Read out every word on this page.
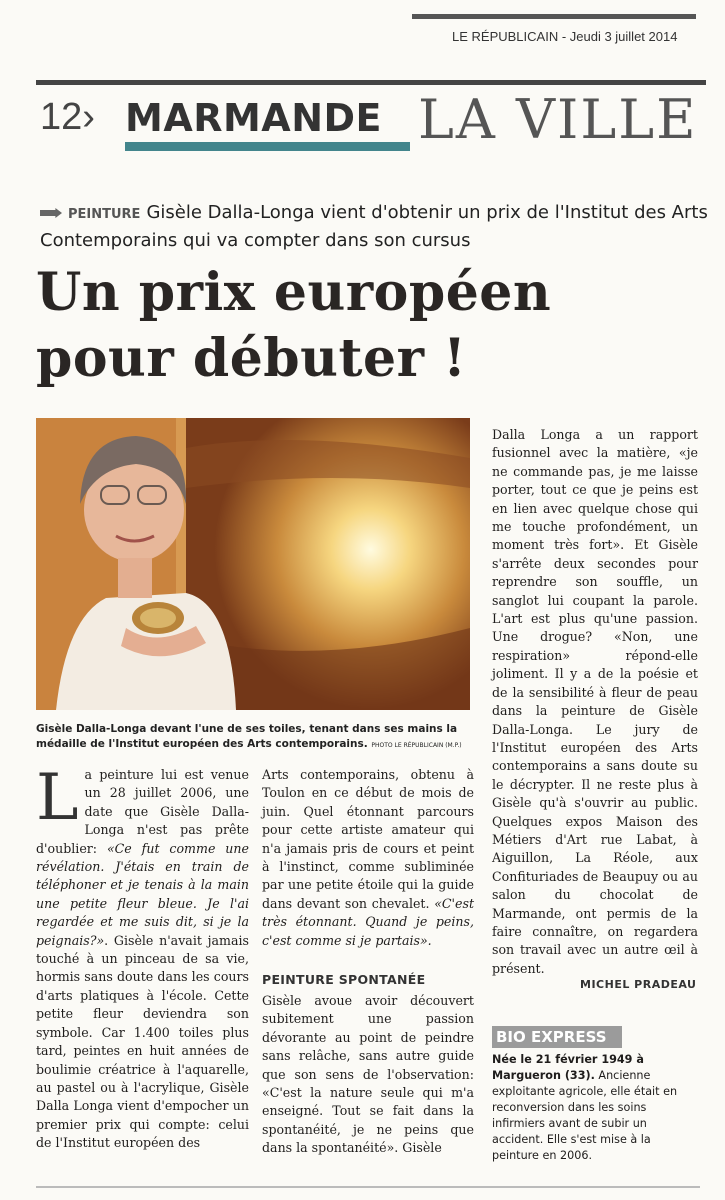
LE RÉPUBLICAIN - Jeudi 3 juillet 2014
12› MARMANDE LA VILLE
PEINTURE Gisèle Dalla-Longa vient d'obtenir un prix de l'Institut des Arts Contemporains qui va compter dans son cursus
Un prix européen
pour débuter !
Gisèle Dalla-Longa devant l'une de ses toiles, tenant dans ses mains la médaille de l'Institut européen des Arts contemporains. PHOTO LE RÉPUBLICAIN (M.P.)
La peinture lui est venue un 28 juillet 2006, une date que Gisèle Dalla-Longa n'est pas prête d'oublier: «Ce fut comme une révélation. J'étais en train de téléphoner et je tenais à la main une petite fleur bleue. Je l'ai regardée et me suis dit, si je la peignais?». Gisèle n'avait jamais touché à un pinceau de sa vie, hormis sans doute dans les cours d'arts platiques à l'école. Cette petite fleur deviendra son symbole. Car 1.400 toiles plus tard, peintes en huit années de boulimie créatrice à l'aquarelle, au pastel ou à l'acrylique, Gisèle Dalla Longa vient d'empocher un premier prix qui compte: celui de l'Institut européen des
Arts contemporains, obtenu à Toulon en ce début de mois de juin. Quel étonnant parcours pour cette artiste amateur qui n'a jamais pris de cours et peint à l'instinct, comme subliminée par une petite étoile qui la guide dans devant son chevalet. «C'est très étonnant. Quand je peins, c'est comme si je partais».
PEINTURE SPONTANÉE
Gisèle avoue avoir découvert subitement une passion dévorante au point de peindre sans relâche, sans autre guide que son sens de l'observation: «C'est la nature seule qui m'a enseigné. Tout se fait dans la spontanéité, je ne peins que dans la spontanéité». Gisèle
Dalla Longa a un rapport fusionnel avec la matière, «je ne commande pas, je me laisse porter, tout ce que je peins est en lien avec quelque chose qui me touche profondément, un moment très fort». Et Gisèle s'arrête deux secondes pour reprendre son souffle, un sanglot lui coupant la parole. L'art est plus qu'une passion. Une drogue? «Non, une respiration» répond-elle joliment. Il y a de la poésie et de la sensibilité à fleur de peau dans la peinture de Gisèle Dalla-Longa. Le jury de l'Institut européen des Arts contemporains a sans doute su le décrypter. Il ne reste plus à Gisèle qu'à s'ouvrir au public. Quelques expos Maison des Métiers d'Art rue Labat, à Aiguillon, La Réole, aux Confituriades de Beaupuy ou au salon du chocolat de Marmande, ont permis de la faire connaître, on regardera son travail avec un autre œil à présent.
MICHEL PRADEAU
BIO EXPRESS
Née le 21 février 1949 à Margueron (33). Ancienne exploitante agricole, elle était en reconversion dans les soins infirmiers avant de subir un accident. Elle s'est mise à la peinture en 2006.
